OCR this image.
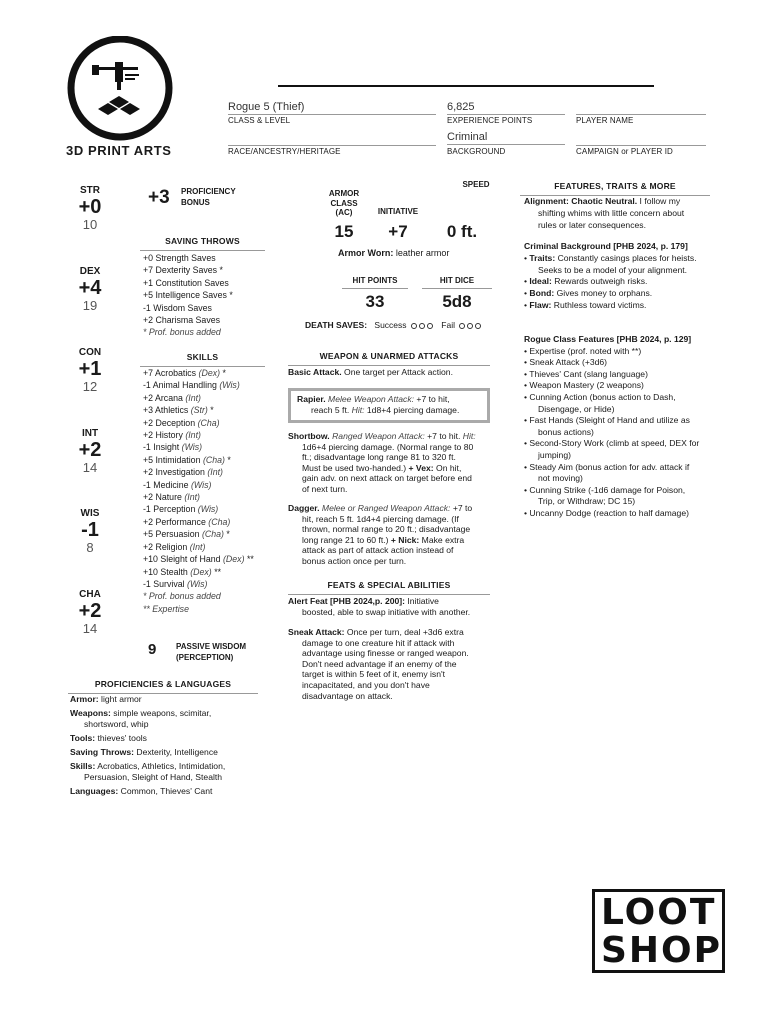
3D PRINT ARTS
Rogue 5 (Thief)
CLASS & LEVEL
6,825
EXPERIENCE POINTS	PLAYER NAME
RACE/ANCESTRY/HERITAGE
Criminal
BACKGROUND	CAMPAIGN or PLAYER ID
STR
+0
10
DEX
+4
19
CON
+1
12
INT
+2
14
WIS
-1
8
CHA
+2
14
+3 PROFICIENCY
BONUS
SAVING THROWS
+0 Strength Saves
+7 Dexterity Saves *
+1 Constitution Saves
+5 Intelligence Saves *
-1 Wisdom Saves
+2 Charisma Saves
* Prof. bonus added
SKILLS
+7 Acrobatics (Dex) *
-1 Animal Handling (Wis)
+2 Arcana (Int)
+3 Athletics (Str) *
+2 Deception (Cha)
+2 History (Int)
-1 Insight (Wis)
+5 Intimidation (Cha) *
+2 Investigation (Int)
-1 Medicine (Wis)
+2 Nature (Int)
-1 Perception (Wis)
+2 Performance (Cha)
+5 Persuasion (Cha) *
+2 Religion (Int)
+10 Sleight of Hand (Dex) **
+10 Stealth (Dex) **
-1 Survival (Wis)
* Prof. bonus added
** Expertise
9 PASSIVE WISDOM
(PERCEPTION)
PROFICIENCIES & LANGUAGES
Armor: light armor
Weapons: simple weapons, scimitar,
shortsword, whip
Tools: thieves' tools
Saving Throws: Dexterity, Intelligence
Skills: Acrobatics, Athletics, Intimidation,
Persuasion, Sleight of Hand, Stealth
Languages: Common, Thieves' Cant
ARMOR
CLASS
(AC)
15
INITIATIVE
+7
SPEED
0 ft.
Armor Worn: leather armor
HIT POINTS
33
HIT DICE
5d8
DEATH SAVES: Success	Fail
WEAPON & UNARMED ATTACKS
Basic Attack. One target per Attack action.
Rapier. Melee Weapon Attack: +7 to hit,
reach 5 ft. Hit: 1d8+4 piercing damage.
Shortbow. Ranged Weapon Attack: +7 to hit. Hit:
1d6+4 piercing damage. (Normal range to 80
ft.; disadvantage long range 81 to 320 ft.
Must be used two-handed.) + Vex: On hit,
gain adv. on next attack on target before end
of next turn.
Dagger. Melee or Ranged Weapon Attack: +7 to
hit, reach 5 ft. 1d4+4 piercing damage. (If
thrown, normal range to 20 ft.; disadvantage
long range 21 to 60 ft.) + Nick: Make extra
attack as part of attack action instead of
bonus action once per turn.
FEATS & SPECIAL ABILITIES
Alert Feat [PHB 2024,p. 200]: Initiative
boosted, able to swap initiative with another.
Sneak Attack: Once per turn, deal +3d6 extra
damage to one creature hit if attack with
advantage using finesse or ranged weapon.
Don't need advantage if an enemy of the
target is within 5 feet of it, enemy isn't
incapacitated, and you don't have
disadvantage on attack.
FEATURES, TRAITS & MORE
Alignment: Chaotic Neutral. I follow my
shifting whims with little concern about
rules or later consequences.
Criminal Background [PHB 2024, p. 179]
• Traits: Constantly casings places for heists.
Seeks to be a model of your alignment.
• Ideal: Rewards outweigh risks.
• Bond: Gives money to orphans.
• Flaw: Ruthless toward victims.
Rogue Class Features [PHB 2024, p. 129]
• Expertise (prof. noted with **)
• Sneak Attack (+3d6)
• Thieves' Cant (slang language)
• Weapon Mastery (2 weapons)
• Cunning Action (bonus action to Dash,
Disengage, or Hide)
• Fast Hands (Sleight of Hand and utilize as
bonus actions)
• Second-Story Work (climb at speed, DEX for
jumping)
• Steady Aim (bonus action for adv. attack if
not moving)
• Cunning Strike (-1d6 damage for Poison,
Trip, or Withdraw; DC 15)
• Uncanny Dodge (reaction to half damage)
LOOT
SHOP
